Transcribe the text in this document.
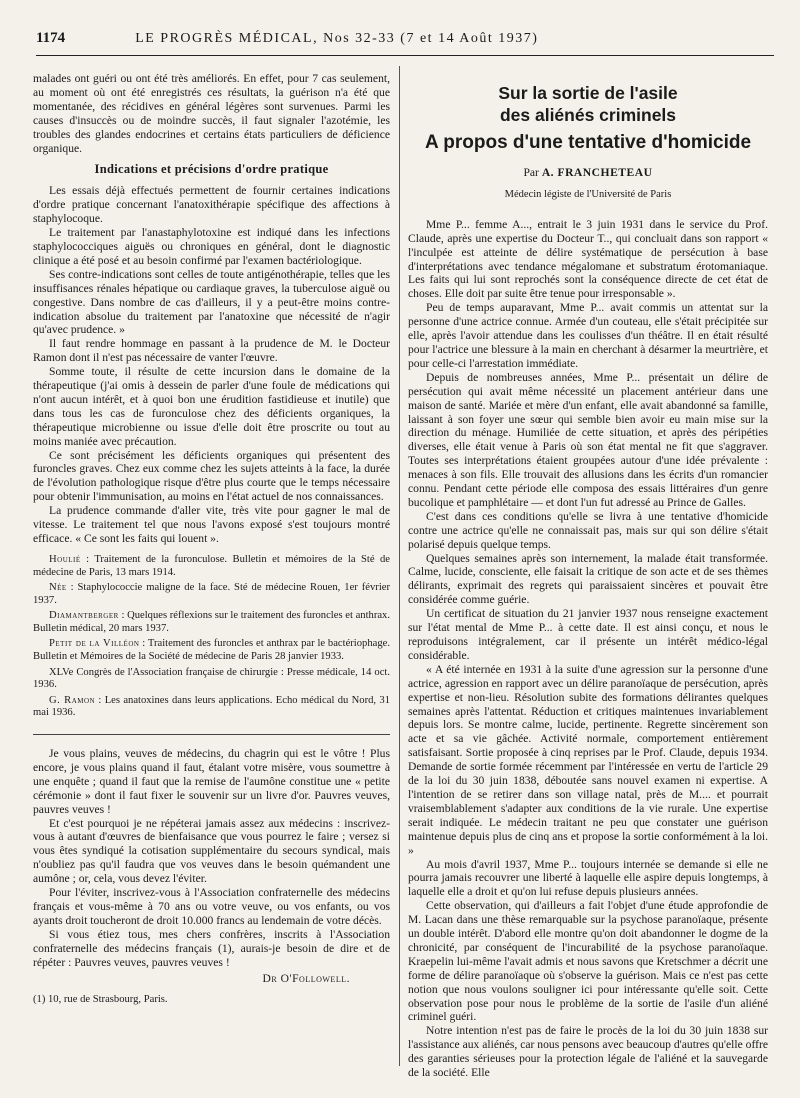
1174	LE PROGRÈS MÉDICAL, Nos 32-33 (7 et 14 Août 1937)

malades ont guéri ou ont été très améliorés. En effet, pour 7 cas seulement, au moment où ont été enregistrés ces résultats, la guérison n'a été que momentanée, des récidives en général légères sont survenues. Parmi les causes d'insuccès ou de moindre succès, il faut signaler l'azotémie, les troubles des glandes endocrines et certains états particuliers de déficience organique.

Indications et précisions d'ordre pratique

Les essais déjà effectués permettent de fournir certaines indications d'ordre pratique concernant l'anatoxithérapie spécifique des affections à staphylocoque.

Le traitement par l'anastaphylotoxine est indiqué dans les infections staphylococciques aiguës ou chroniques en général, dont le diagnostic clinique a été posé et au besoin confirmé par l'examen bactériologique.

Ses contre-indications sont celles de toute antigénothérapie, telles que les insuffisances rénales hépatique ou cardiaque graves, la tuberculose aiguë ou congestive. Dans nombre de cas d'ailleurs, il y a peut-être moins contre-indication absolue du traitement par l'anatoxine que nécessité de n'agir qu'avec prudence. »

Il faut rendre hommage en passant à la prudence de M. le Docteur Ramon dont il n'est pas nécessaire de vanter l'œuvre.

Somme toute, il résulte de cette incursion dans le domaine de la thérapeutique (j'ai omis à dessein de parler d'une foule de médications qui n'ont aucun intérêt, et à quoi bon une érudition fastidieuse et inutile) que dans tous les cas de furonculose chez des déficients organiques, la thérapeutique microbienne ou issue d'elle doit être proscrite ou tout au moins maniée avec précaution.

Ce sont précisément les déficients organiques qui présentent des furoncles graves. Chez eux comme chez les sujets atteints à la face, la durée de l'évolution pathologique risque d'être plus courte que le temps nécessaire pour obtenir l'immunisation, au moins en l'état actuel de nos connaissances.

La prudence commande d'aller vite, très vite pour gagner le mal de vitesse. Le traitement tel que nous l'avons exposé s'est toujours montré efficace. « Ce sont les faits qui louent ».

Houlié : Traitement de la furonculose. Bulletin et mémoires de la Sté de médecine de Paris, 13 mars 1914.

Née : Staphylococcie maligne de la face. Sté de médecine Rouen, 1er février 1937.

Diamantberger : Quelques réflexions sur le traitement des furoncles et anthrax. Bulletin médical, 20 mars 1937.

Petit de la Villéon : Traitement des furoncles et anthrax par le bactériophage. Bulletin et Mémoires de la Société de médecine de Paris 28 janvier 1933.

XLVe Congrès de l'Association française de chirurgie : Presse médicale, 14 oct. 1936.

G. Ramon : Les anatoxines dans leurs applications. Echo médical du Nord, 31 mai 1936.

Je vous plains, veuves de médecins, du chagrin qui est le vôtre ! Plus encore, je vous plains quand il faut, étalant votre misère, vous soumettre à une enquête ; quand il faut que la remise de l'aumône constitue une « petite cérémonie » dont il faut fixer le souvenir sur un livre d'or. Pauvres veuves, pauvres veuves !

Et c'est pourquoi je ne répéterai jamais assez aux médecins : inscrivez-vous à autant d'œuvres de bienfaisance que vous pourrez le faire ; versez si vous êtes syndiqué la cotisation supplémentaire du secours syndical, mais n'oubliez pas qu'il faudra que vos veuves dans le besoin quémandent une aumône ; or, cela, vous devez l'éviter.

Pour l'éviter, inscrivez-vous à l'Association confraternelle des médecins français et vous-même à 70 ans ou votre veuve, ou vos enfants, ou vos ayants droit toucheront de droit 10.000 francs au lendemain de votre décès.

Si vous étiez tous, mes chers confrères, inscrits à l'Association confraternelle des médecins français (1), aurais-je besoin de dire et de répéter : Pauvres veuves, pauvres veuves !

Dr O'Followell.

(1) 10, rue de Strasbourg, Paris.

Sur la sortie de l'asile
des aliénés criminels
A propos d'une tentative d'homicide
Par A. FRANCHETEAU
Médecin légiste de l'Université de Paris

Mme P... femme A..., entrait le 3 juin 1931 dans le service du Prof. Claude, après une expertise du Docteur T.., qui concluait dans son rapport « l'inculpée est atteinte de délire systématique de persécution à base d'interprétations avec tendance mégalomane et substratum érotomaniaque. Les faits qui lui sont reprochés sont la conséquence directe de cet état de choses. Elle doit par suite être tenue pour irresponsable ».

Peu de temps auparavant, Mme P... avait commis un attentat sur la personne d'une actrice connue. Armée d'un couteau, elle s'était précipitée sur elle, après l'avoir attendue dans les coulisses d'un théâtre. Il en était résulté pour l'actrice une blessure à la main en cherchant à désarmer la meurtrière, et pour celle-ci l'arrestation immédiate.

Depuis de nombreuses années, Mme P... présentait un délire de persécution qui avait même nécessité un placement antérieur dans une maison de santé. Mariée et mère d'un enfant, elle avait abandonné sa famille, laissant à son foyer une sœur qui semble bien avoir eu main mise sur la direction du ménage. Humiliée de cette situation, et après des péripéties diverses, elle était venue à Paris où son état mental ne fit que s'aggraver. Toutes ses interprétations étaient groupées autour d'une idée prévalente : menaces à son fils. Elle trouvait des allusions dans les écrits d'un romancier connu. Pendant cette période elle composa des essais littéraires d'un genre bucolique et pamphlétaire — et dont l'un fut adressé au Prince de Galles.

C'est dans ces conditions qu'elle se livra à une tentative d'homicide contre une actrice qu'elle ne connaissait pas, mais sur qui son délire s'était polarisé depuis quelque temps.

Quelques semaines après son internement, la malade était transformée. Calme, lucide, consciente, elle faisait la critique de son acte et de ses thèmes délirants, exprimait des regrets qui paraissaient sincères et pouvait être considérée comme guérie.

Un certificat de situation du 21 janvier 1937 nous renseigne exactement sur l'état mental de Mme P... à cette date. Il est ainsi conçu, et nous le reproduisons intégralement, car il présente un intérêt médico-légal considérable.

« A été internée en 1931 à la suite d'une agression sur la personne d'une actrice, agression en rapport avec un délire paranoïaque de persécution, après expertise et non-lieu. Résolution subite des formations délirantes quelques semaines après l'attentat. Réduction et critiques maintenues invariablement depuis lors. Se montre calme, lucide, pertinente. Regrette sincèrement son acte et sa vie gâchée. Activité normale, comportement entièrement satisfaisant. Sortie proposée à cinq reprises par le Prof. Claude, depuis 1934. Demande de sortie formée récemment par l'intéressée en vertu de l'article 29 de la loi du 30 juin 1838, déboutée sans nouvel examen ni expertise. A l'intention de se retirer dans son village natal, près de M.... et pourrait vraisemblablement s'adapter aux conditions de la vie rurale. Une expertise serait indiquée. Le médecin traitant ne peu que constater une guérison maintenue depuis plus de cinq ans et propose la sortie conformément à la loi. »

Au mois d'avril 1937, Mme P... toujours internée se demande si elle ne pourra jamais recouvrer une liberté à laquelle elle aspire depuis longtemps, à laquelle elle a droit et qu'on lui refuse depuis plusieurs années.

Cette observation, qui d'ailleurs a fait l'objet d'une étude approfondie de M. Lacan dans une thèse remarquable sur la psychose paranoïaque, présente un double intérêt. D'abord elle montre qu'on doit abandonner le dogme de la chronicité, par conséquent de l'incurabilité de la psychose paranoïaque. Kraepelin lui-même l'avait admis et nous savons que Kretschmer a décrit une forme de délire paranoïaque où s'observe la guérison. Mais ce n'est pas cette notion que nous voulons souligner ici pour intéressante qu'elle soit. Cette observation pose pour nous le problème de la sortie de l'asile d'un aliéné criminel guéri.

Notre intention n'est pas de faire le procès de la loi du 30 juin 1838 sur l'assistance aux aliénés, car nous pensons avec beaucoup d'autres qu'elle offre des garanties sérieuses pour la protection légale de l'aliéné et la sauvegarde de la société. Elle
